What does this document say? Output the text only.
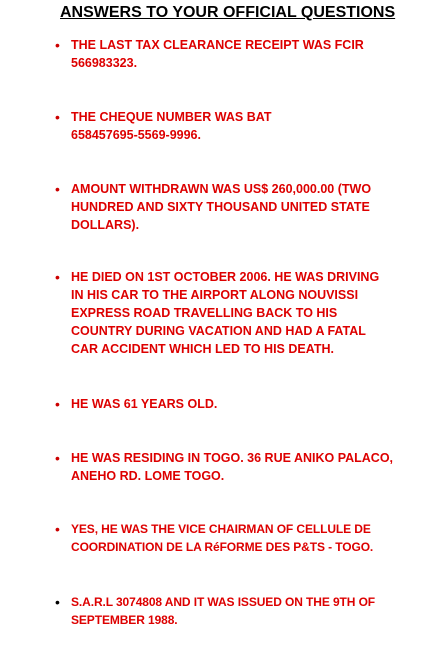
ANSWERS TO YOUR OFFICIAL QUESTIONS
• THE LAST TAX CLEARANCE RECEIPT WAS FCIR
566983323.
• THE CHEQUE NUMBER WAS BAT
658457695-5569-9996.
• AMOUNT WITHDRAWN WAS US$ 260,000.00 (TWO
HUNDRED AND SIXTY THOUSAND UNITED STATE
DOLLARS).
• HE DIED ON 1ST OCTOBER 2006. HE WAS DRIVING
IN HIS CAR TO THE AIRPORT ALONG NOUVISSI
EXPRESS ROAD TRAVELLING BACK TO HIS
COUNTRY DURING VACATION AND HAD A FATAL
CAR ACCIDENT WHICH LED TO HIS DEATH.
• HE WAS 61 YEARS OLD.
• HE WAS RESIDING IN TOGO. 36 RUE ANIKO PALACO,
ANEHO RD. LOME TOGO.
• YES, HE WAS THE VICE CHAIRMAN OF CELLULE DE
COORDINATION DE LA RéFORME DES P&TS - TOGO.
• S.A.R.L 3074808 AND IT WAS ISSUED ON THE 9TH OF
SEPTEMBER 1988.
